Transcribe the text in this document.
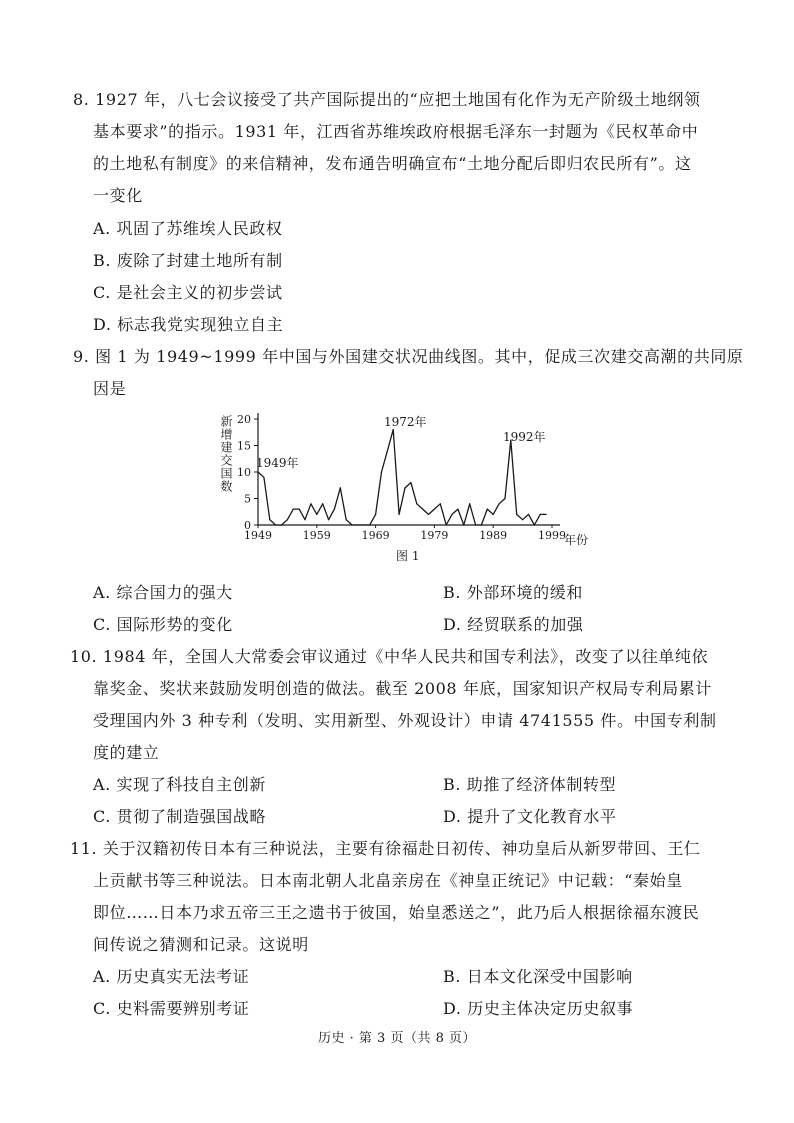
8. 1927 年，八七会议接受了共产国际提出的“应把土地国有化作为无产阶级土地纲领
基本要求”的指示。1931 年，江西省苏维埃政府根据毛泽东一封题为《民权革命中
的土地私有制度》的来信精神，发布通告明确宣布“土地分配后即归农民所有”。这
一变化
A. 巩固了苏维埃人民政权
B. 废除了封建土地所有制
C. 是社会主义的初步尝试
D. 标志我党实现独立自主
9. 图 1 为 1949~1999 年中国与外国建交状况曲线图。其中，促成三次建交高潮的共同原
因是
新增建交国数
0
5
10
15
20
1949	1959	1969	1979	1989	1999
1949年
1972年
1992年
年份
图 1
A. 综合国力的强大	B. 外部环境的缓和
C. 国际形势的变化	D. 经贸联系的加强
10. 1984 年，全国人大常委会审议通过《中华人民共和国专利法》，改变了以往单纯依
靠奖金、奖状来鼓励发明创造的做法。截至 2008 年底，国家知识产权局专利局累计
受理国内外 3 种专利（发明、实用新型、外观设计）申请 4741555 件。中国专利制
度的建立
A. 实现了科技自主创新	B. 助推了经济体制转型
C. 贯彻了制造强国战略	D. 提升了文化教育水平
11. 关于汉籍初传日本有三种说法，主要有徐福赴日初传、神功皇后从新罗带回、王仁
上贡献书等三种说法。日本南北朝人北畠亲房在《神皇正统记》中记载：“秦始皇
即位……日本乃求五帝三王之遗书于彼国，始皇悉送之”，此乃后人根据徐福东渡民
间传说之猜测和记录。这说明
A. 历史真实无法考证	B. 日本文化深受中国影响
C. 史料需要辨别考证	D. 历史主体决定历史叙事
历史 · 第 3 页（共 8 页）
